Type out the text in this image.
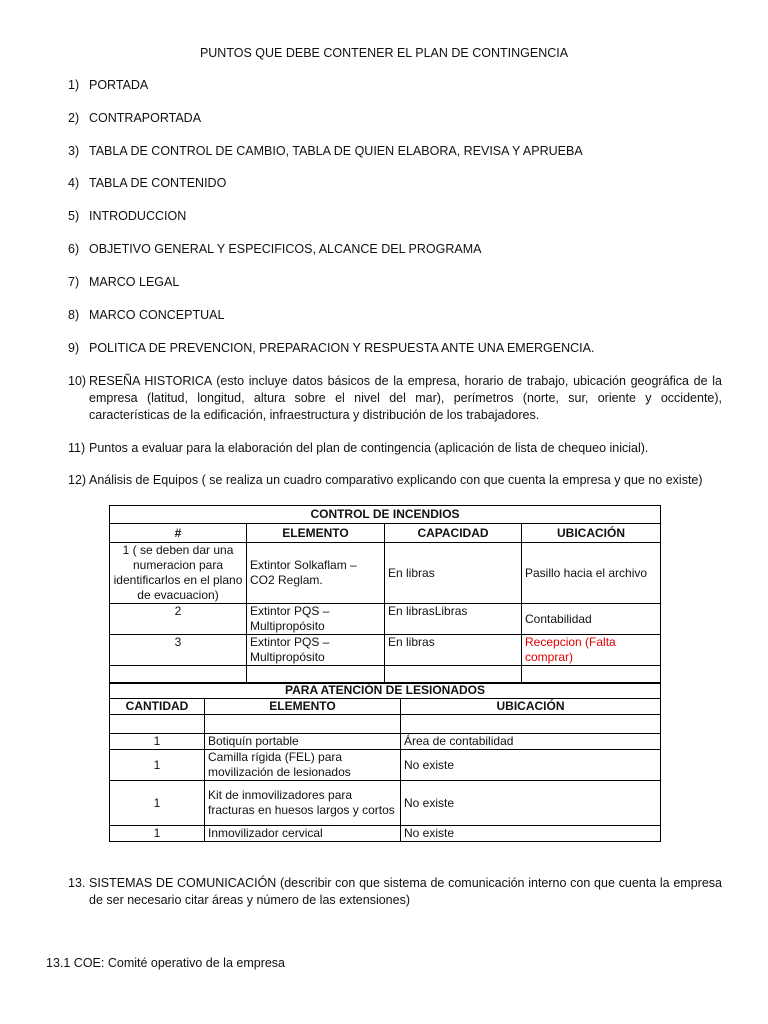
PUNTOS QUE DEBE CONTENER EL PLAN DE CONTINGENCIA
1) PORTADA
2) CONTRAPORTADA
3) TABLA DE CONTROL DE CAMBIO, TABLA DE QUIEN ELABORA, REVISA Y APRUEBA
4) TABLA DE CONTENIDO
5) INTRODUCCION
6) OBJETIVO GENERAL Y ESPECIFICOS, ALCANCE DEL PROGRAMA
7) MARCO LEGAL
8) MARCO CONCEPTUAL
9) POLITICA DE PREVENCION, PREPARACION Y RESPUESTA ANTE UNA EMERGENCIA.
10) RESEÑA HISTORICA (esto incluye datos básicos de la empresa, horario de trabajo, ubicación geográfica de la empresa (latitud, longitud, altura sobre el nivel del mar), perímetros (norte, sur, oriente y occidente), características de la edificación, infraestructura y distribución de los trabajadores.
11) Puntos a evaluar para la elaboración del plan de contingencia (aplicación de lista de chequeo inicial).
12) Análisis de Equipos ( se realiza un cuadro comparativo explicando con que cuenta la empresa y que no existe)
CONTROL DE INCENDIOS			
#	ELEMENTO	CAPACIDAD	UBICACIÓN
1 ( se deben dar una numeracion para identificarlos en el plano de evacuacion)	Extintor Solkaflam – CO2 Reglam.	En libras	Pasillo hacia el archivo
2	Extintor PQS – Multipropósito	En librasLibras	Contabilidad
3	Extintor PQS – Multipropósito	En libras	Recepcion (Falta comprar)

PARA ATENCIÓN DE LESIONADOS		
CANTIDAD	ELEMENTO	UBICACIÓN

1	Botiquín portable	Área de contabilidad
1	Camilla rígida (FEL) para movilización de lesionados	No existe
1	Kit de inmovilizadores para fracturas en huesos largos y cortos	No existe
1	Inmovilizador cervical	No existe
13. SISTEMAS DE COMUNICACIÓN (describir con que sistema de comunicación interno con que cuenta la empresa de ser necesario citar áreas y número de las extensiones)
13.1 COE: Comité operativo de la empresa
